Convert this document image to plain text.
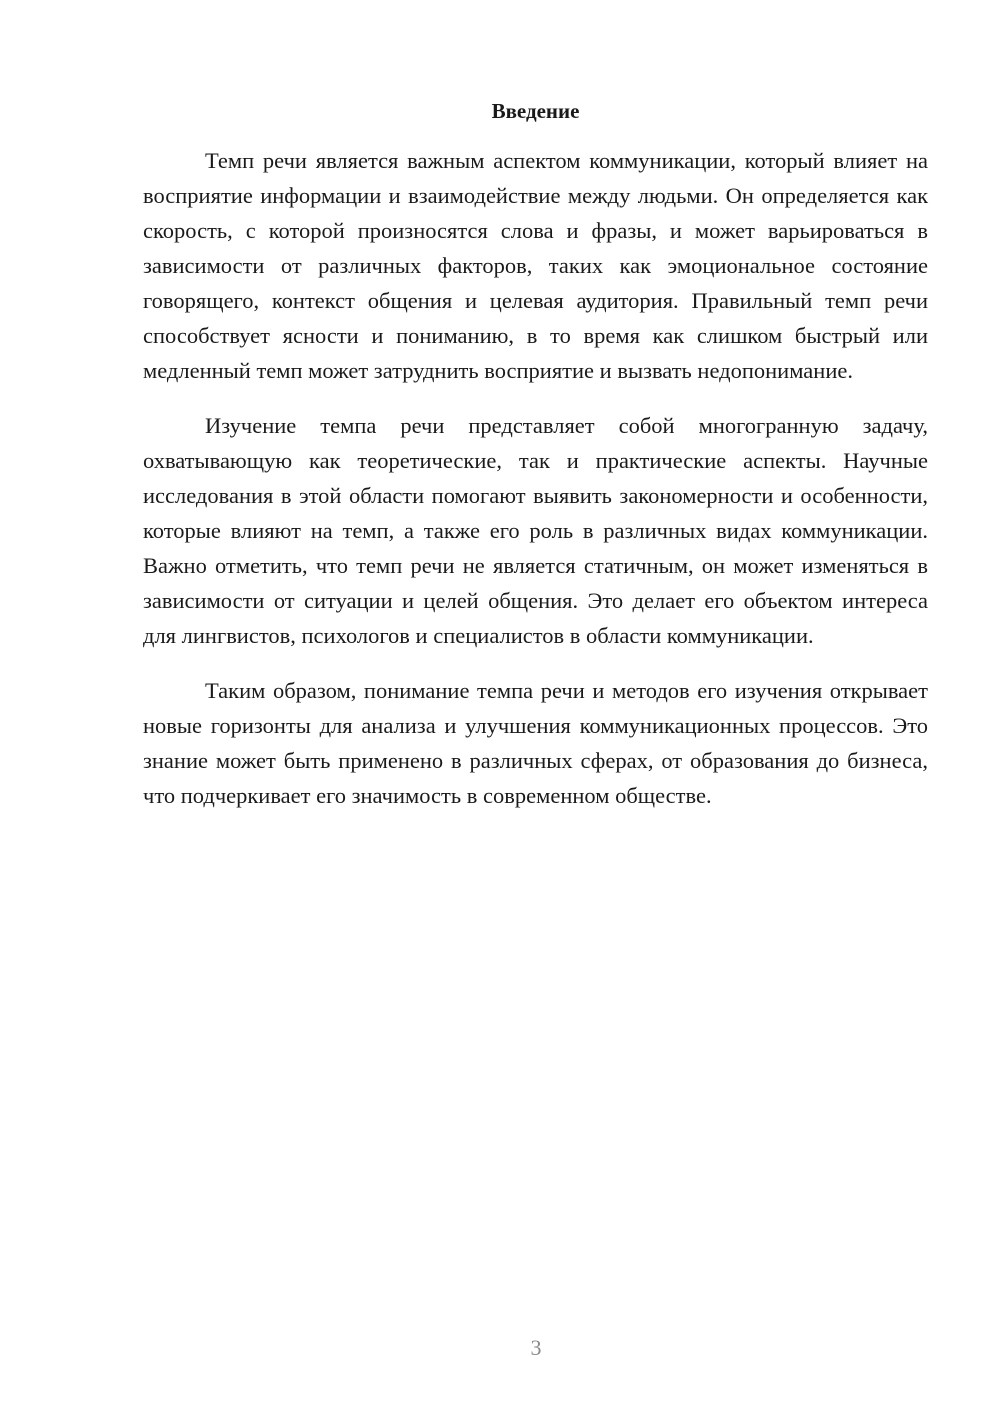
Введение

Темп речи является важным аспектом коммуникации, который влияет на восприятие информации и взаимодействие между людьми. Он определяется как скорость, с которой произносятся слова и фразы, и может варьироваться в зависимости от различных факторов, таких как эмоциональное состояние говорящего, контекст общения и целевая аудитория. Правильный темп речи способствует ясности и пониманию, в то время как слишком быстрый или медленный темп может затруднить восприятие и вызвать недопонимание.

Изучение темпа речи представляет собой многогранную задачу, охватывающую как теоретические, так и практические аспекты. Научные исследования в этой области помогают выявить закономерности и особенности, которые влияют на темп, а также его роль в различных видах коммуникации. Важно отметить, что темп речи не является статичным, он может изменяться в зависимости от ситуации и целей общения. Это делает его объектом интереса для лингвистов, психологов и специалистов в области коммуникации.

Таким образом, понимание темпа речи и методов его изучения открывает новые горизонты для анализа и улучшения коммуникационных процессов. Это знание может быть применено в различных сферах, от образования до бизнеса, что подчеркивает его значимость в современном обществе.

3
